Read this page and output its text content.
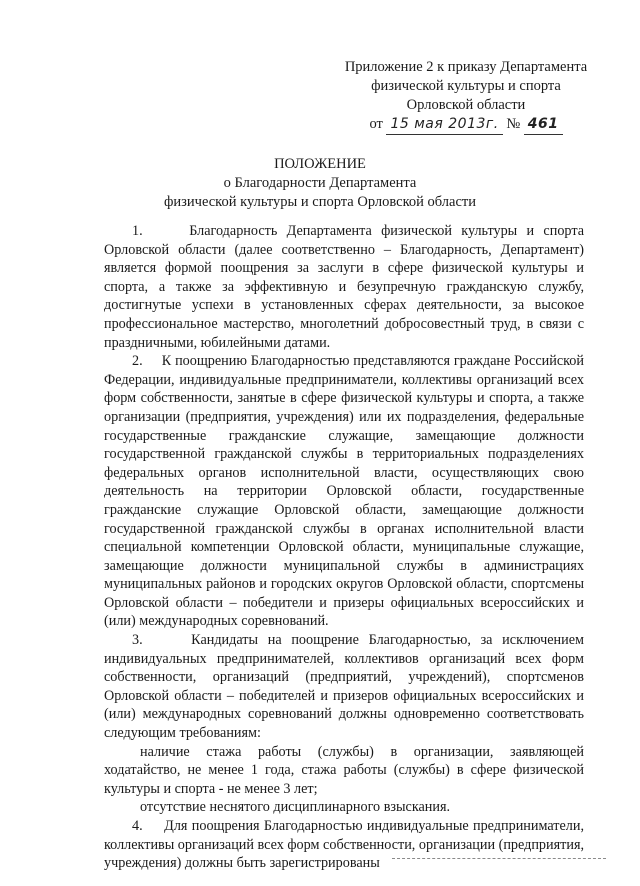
Приложение 2 к приказу Департамента
физической культуры и спорта
Орловской области
от 15 мая 2013г. № 461
ПОЛОЖЕНИЕ
о Благодарности Департамента
физической культуры и спорта Орловской области

1.     Благодарность Департамента физической культуры и спорта Орловской области (далее соответственно – Благодарность, Департамент) является формой поощрения за заслуги в сфере физической культуры и спорта, а также за эффективную и безупречную гражданскую службу, достигнутые успехи в установленных сферах деятельности, за высокое профессиональное мастерство, многолетний добросовестный труд, в связи с праздничными, юбилейными датами.

2.     К поощрению Благодарностью представляются граждане Российской Федерации, индивидуальные предприниматели, коллективы организаций всех форм собственности, занятые в сфере физической культуры и спорта, а также организации (предприятия, учреждения) или их подразделения, федеральные государственные гражданские служащие, замещающие должности государственной гражданской службы в территориальных подразделениях федеральных органов исполнительной власти, осуществляющих свою деятельность на территории Орловской области, государственные гражданские служащие Орловской области, замещающие должности государственной гражданской службы в органах исполнительной власти специальной компетенции Орловской области, муниципальные служащие, замещающие должности муниципальной службы в администрациях муниципальных районов и городских округов Орловской области, спортсмены Орловской области – победители и призеры официальных всероссийских и (или) международных соревнований.

3.     Кандидаты на поощрение Благодарностью, за исключением индивидуальных предпринимателей, коллективов организаций всех форм собственности, организаций (предприятий, учреждений), спортсменов Орловской области – победителей и призеров официальных всероссийских и (или) международных соревнований должны одновременно соответствовать следующим требованиям:

наличие стажа работы (службы) в организации, заявляющей ходатайство, не менее 1 года, стажа работы (службы) в сфере физической культуры и спорта - не менее 3 лет;

отсутствие неснятого дисциплинарного взыскания.

4.     Для поощрения Благодарностью индивидуальные предприниматели, коллективы организаций всех форм собственности, организации (предприятия, учреждения) должны быть зарегистрированы
